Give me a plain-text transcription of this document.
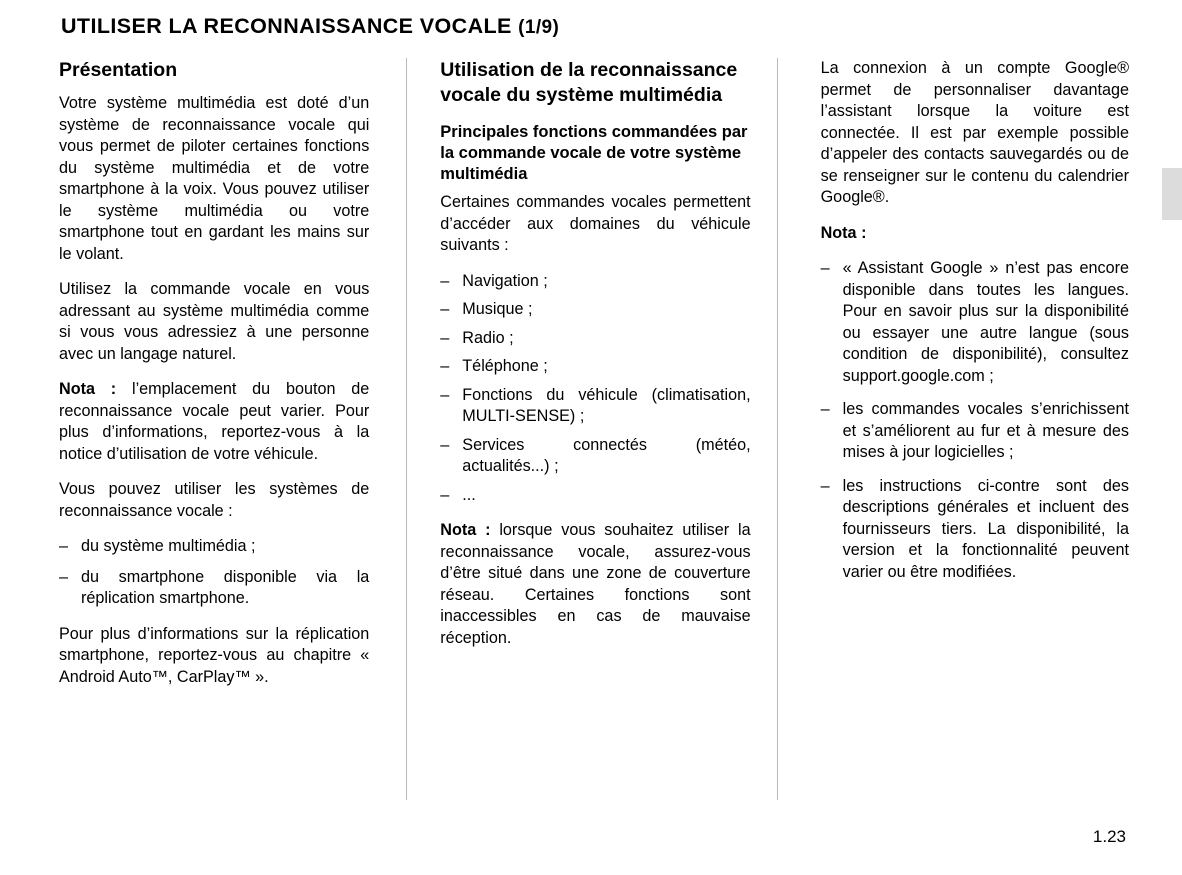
UTILISER LA RECONNAISSANCE VOCALE (1/9)
Présentation

Votre système multimédia est doté d’un système de reconnaissance vocale qui vous permet de piloter certaines fonctions du système multimédia et de votre smartphone à la voix. Vous pouvez utiliser le système multimédia ou votre smartphone tout en gardant les mains sur le volant.

Utilisez la commande vocale en vous adressant au système multimédia comme si vous vous adressiez à une personne avec un langage naturel.

Nota : l’emplacement du bouton de reconnaissance vocale peut varier. Pour plus d’informations, reportez-vous à la notice d’utilisation de votre véhicule.

Vous pouvez utiliser les systèmes de reconnaissance vocale :

– du système multimédia ;
– du smartphone disponible via la réplication smartphone.

Pour plus d’informations sur la réplication smartphone, reportez-vous au chapitre « Android Auto™, CarPlay™ ».

Utilisation de la reconnaissance vocale du système multimédia
Principales fonctions commandées par la commande vocale de votre système multimédia

Certaines commandes vocales permettent d’accéder aux domaines du véhicule suivants :

– Navigation ;
– Musique ;
– Radio ;
– Téléphone ;
– Fonctions du véhicule (climatisation, MULTI-SENSE) ;
– Services connectés (météo, actualités...) ;
– ...

Nota : lorsque vous souhaitez utiliser la reconnaissance vocale, assurez-vous d’être situé dans une zone de couverture réseau. Certaines fonctions sont inaccessibles en cas de mauvaise réception.

La connexion à un compte Google® permet de personnaliser davantage l’assistant lorsque la voiture est connectée. Il est par exemple possible d’appeler des contacts sauvegardés ou de se renseigner sur le contenu du calendrier Google®.

Nota :

– « Assistant Google » n’est pas encore disponible dans toutes les langues. Pour en savoir plus sur la disponibilité ou essayer une autre langue (sous condition de disponibilité), consultez support.google.com ;
– les commandes vocales s’enrichissent et s’améliorent au fur et à mesure des mises à jour logicielles ;
– les instructions ci-contre sont des descriptions générales et incluent des fournisseurs tiers. La disponibilité, la version et la fonctionnalité peuvent varier ou être modifiées.
1.23
